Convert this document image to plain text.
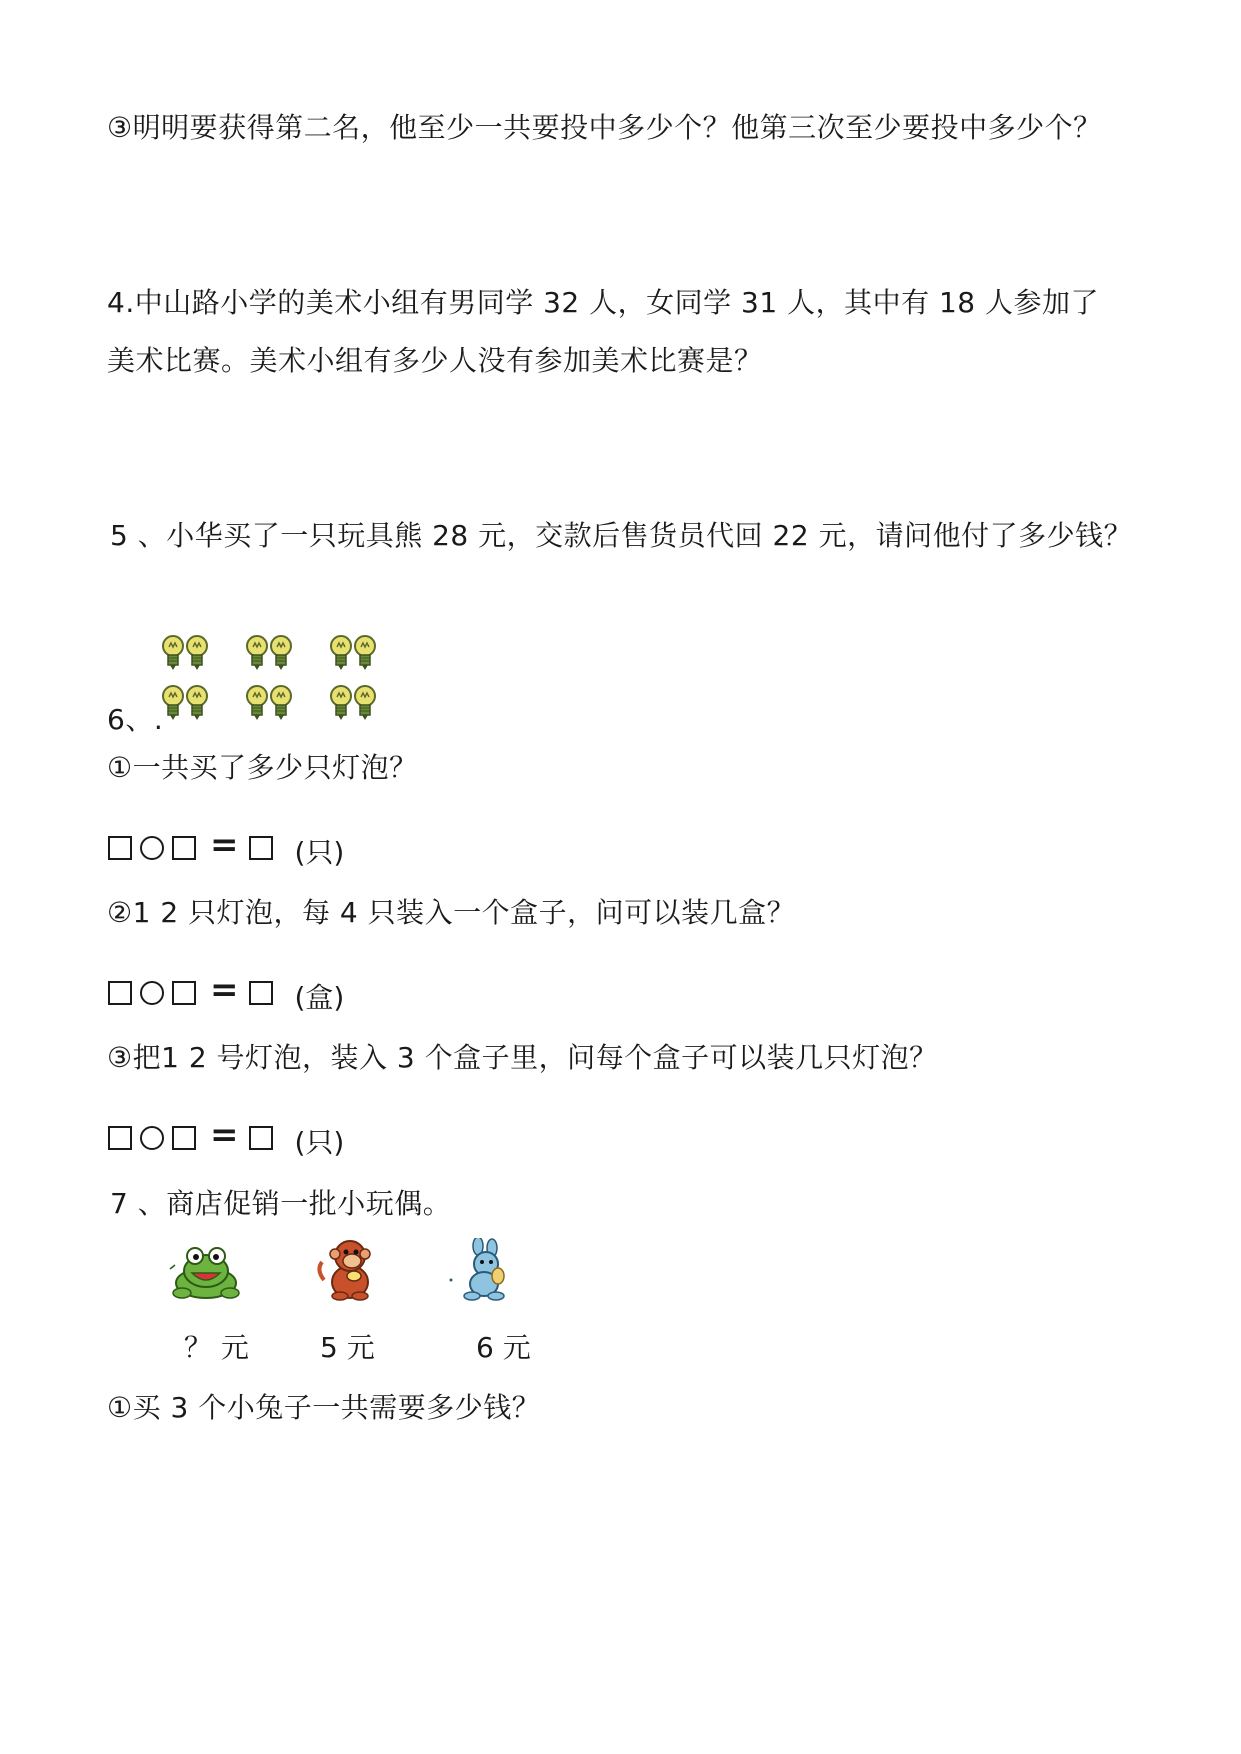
③明明要获得第二名，他至少一共要投中多少个？他第三次至少要投中多少个？
4.中山路小学的美术小组有男同学 32 人，女同学 31 人，其中有 18 人参加了
美术比赛。美术小组有多少人没有参加美术比赛是？
5 、小华买了一只玩具熊 28 元，交款后售货员代回 22 元，请问他付了多少钱？
6、.
①一共买了多少只灯泡？
= (只)
②1 2 只灯泡，每 4 只装入一个盒子，问可以装几盒？
= (盒)
③把1 2 号灯泡，装入 3 个盒子里，问每个盒子可以装几只灯泡？
= (只)
7 、商店促销一批小玩偶。
？ 元	5 元	6 元
①买 3 个小兔子一共需要多少钱？
